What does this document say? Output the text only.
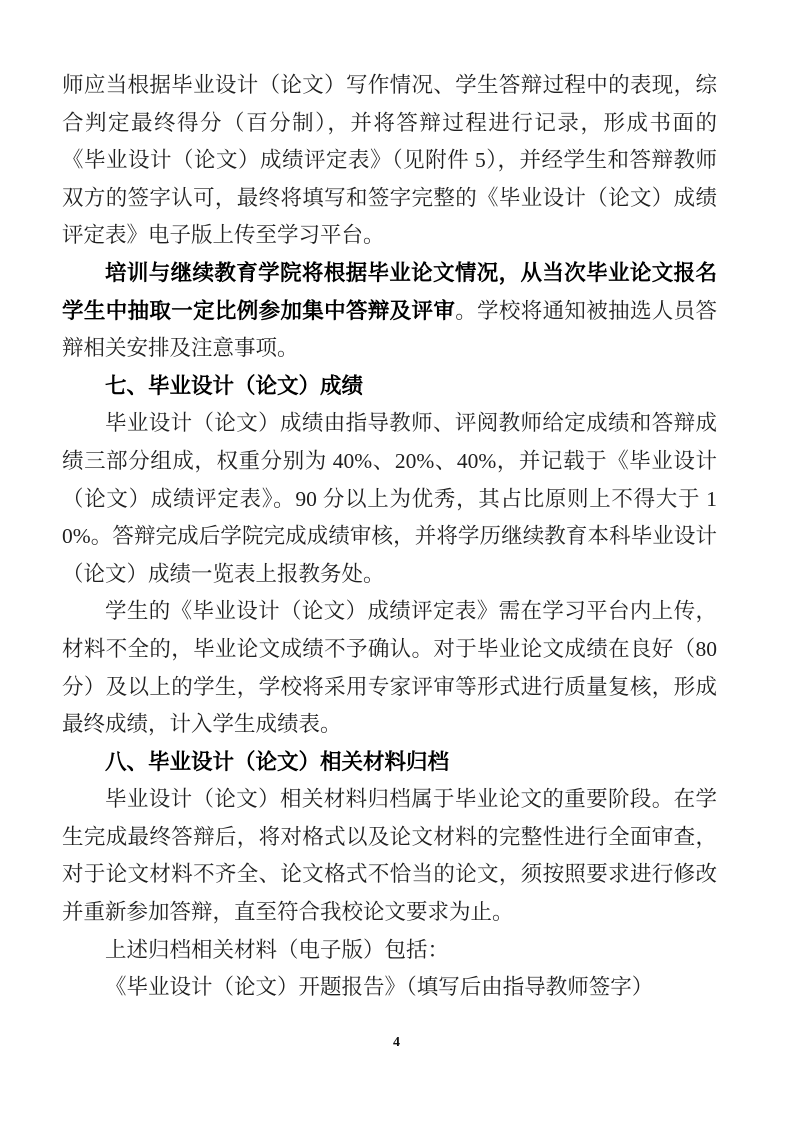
师应当根据毕业设计（论文）写作情况、学生答辩过程中的表现，综合判定最终得分（百分制），并将答辩过程进行记录，形成书面的《毕业设计（论文）成绩评定表》（见附件 5），并经学生和答辩教师双方的签字认可，最终将填写和签字完整的《毕业设计（论文）成绩评定表》电子版上传至学习平台。

培训与继续教育学院将根据毕业论文情况，从当次毕业论文报名学生中抽取一定比例参加集中答辩及评审。学校将通知被抽选人员答辩相关安排及注意事项。

七、毕业设计（论文）成绩

毕业设计（论文）成绩由指导教师、评阅教师给定成绩和答辩成绩三部分组成，权重分别为 40%、20%、40%，并记载于《毕业设计（论文）成绩评定表》。90 分以上为优秀，其占比原则上不得大于 10%。答辩完成后学院完成成绩审核，并将学历继续教育本科毕业设计（论文）成绩一览表上报教务处。

学生的《毕业设计（论文）成绩评定表》需在学习平台内上传，材料不全的，毕业论文成绩不予确认。对于毕业论文成绩在良好（80分）及以上的学生，学校将采用专家评审等形式进行质量复核，形成最终成绩，计入学生成绩表。

八、毕业设计（论文）相关材料归档

毕业设计（论文）相关材料归档属于毕业论文的重要阶段。在学生完成最终答辩后，将对格式以及论文材料的完整性进行全面审查，对于论文材料不齐全、论文格式不恰当的论文，须按照要求进行修改并重新参加答辩，直至符合我校论文要求为止。

上述归档相关材料（电子版）包括：

《毕业设计（论文）开题报告》（填写后由指导教师签字）

4
